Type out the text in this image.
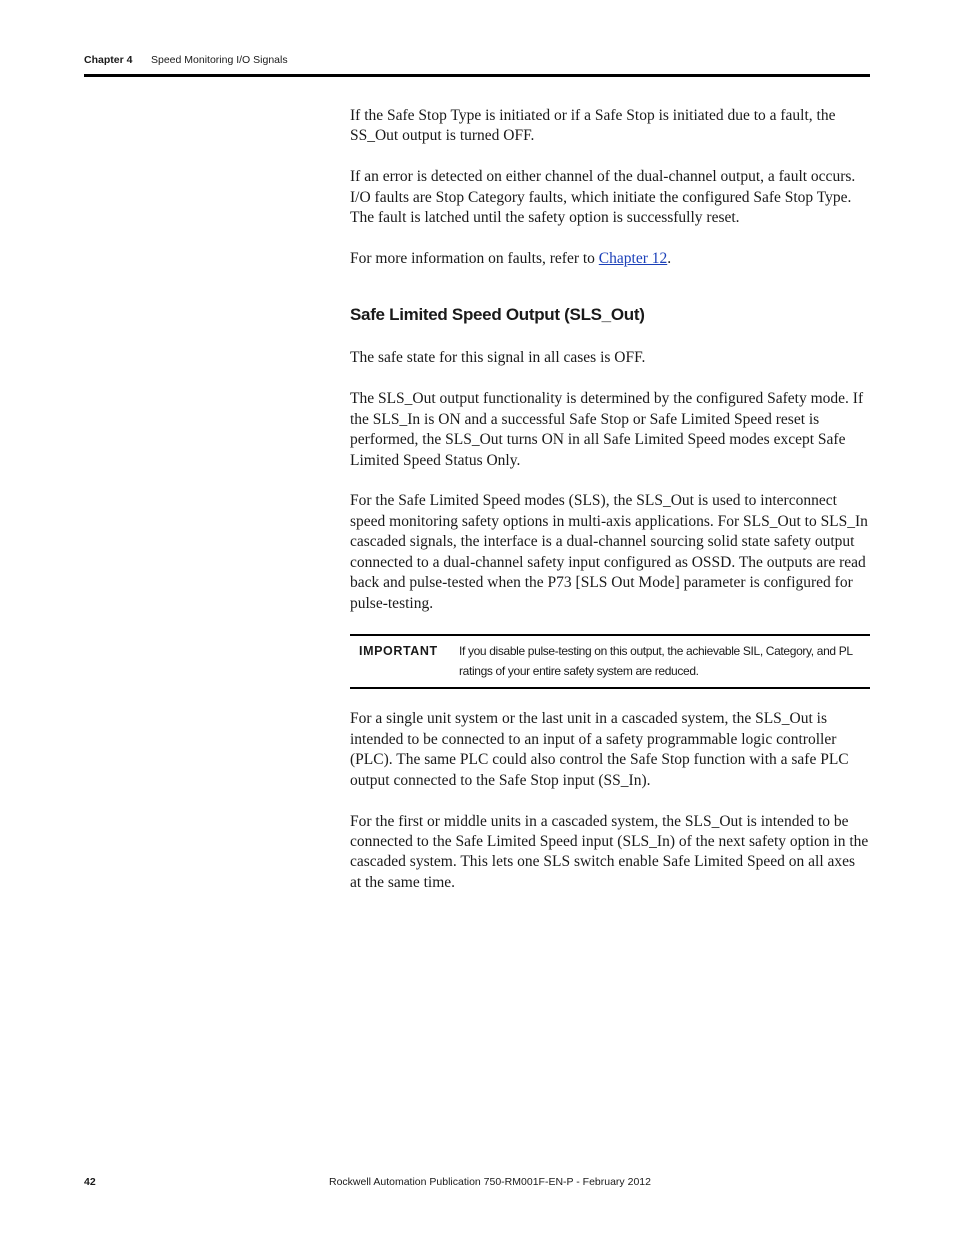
Chapter 4 Speed Monitoring I/O Signals

If the Safe Stop Type is initiated or if a Safe Stop is initiated due to a fault, the SS_Out output is turned OFF.

If an error is detected on either channel of the dual-channel output, a fault occurs. I/O faults are Stop Category faults, which initiate the configured Safe Stop Type. The fault is latched until the safety option is successfully reset.

For more information on faults, refer to Chapter 12.

Safe Limited Speed Output (SLS_Out)

The safe state for this signal in all cases is OFF.

The SLS_Out output functionality is determined by the configured Safety mode. If the SLS_In is ON and a successful Safe Stop or Safe Limited Speed reset is performed, the SLS_Out turns ON in all Safe Limited Speed modes except Safe Limited Speed Status Only.

For the Safe Limited Speed modes (SLS), the SLS_Out is used to interconnect speed monitoring safety options in multi-axis applications. For SLS_Out to SLS_In cascaded signals, the interface is a dual-channel sourcing solid state safety output connected to a dual-channel safety input configured as OSSD. The outputs are read back and pulse-tested when the P73 [SLS Out Mode] parameter is configured for pulse-testing.

IMPORTANT If you disable pulse-testing on this output, the achievable SIL, Category, and PL ratings of your entire safety system are reduced.

For a single unit system or the last unit in a cascaded system, the SLS_Out is intended to be connected to an input of a safety programmable logic controller (PLC). The same PLC could also control the Safe Stop function with a safe PLC output connected to the Safe Stop input (SS_In).

For the first or middle units in a cascaded system, the SLS_Out is intended to be connected to the Safe Limited Speed input (SLS_In) of the next safety option in the cascaded system. This lets one SLS switch enable Safe Limited Speed on all axes at the same time.

42	Rockwell Automation Publication 750-RM001F-EN-P - February 2012
